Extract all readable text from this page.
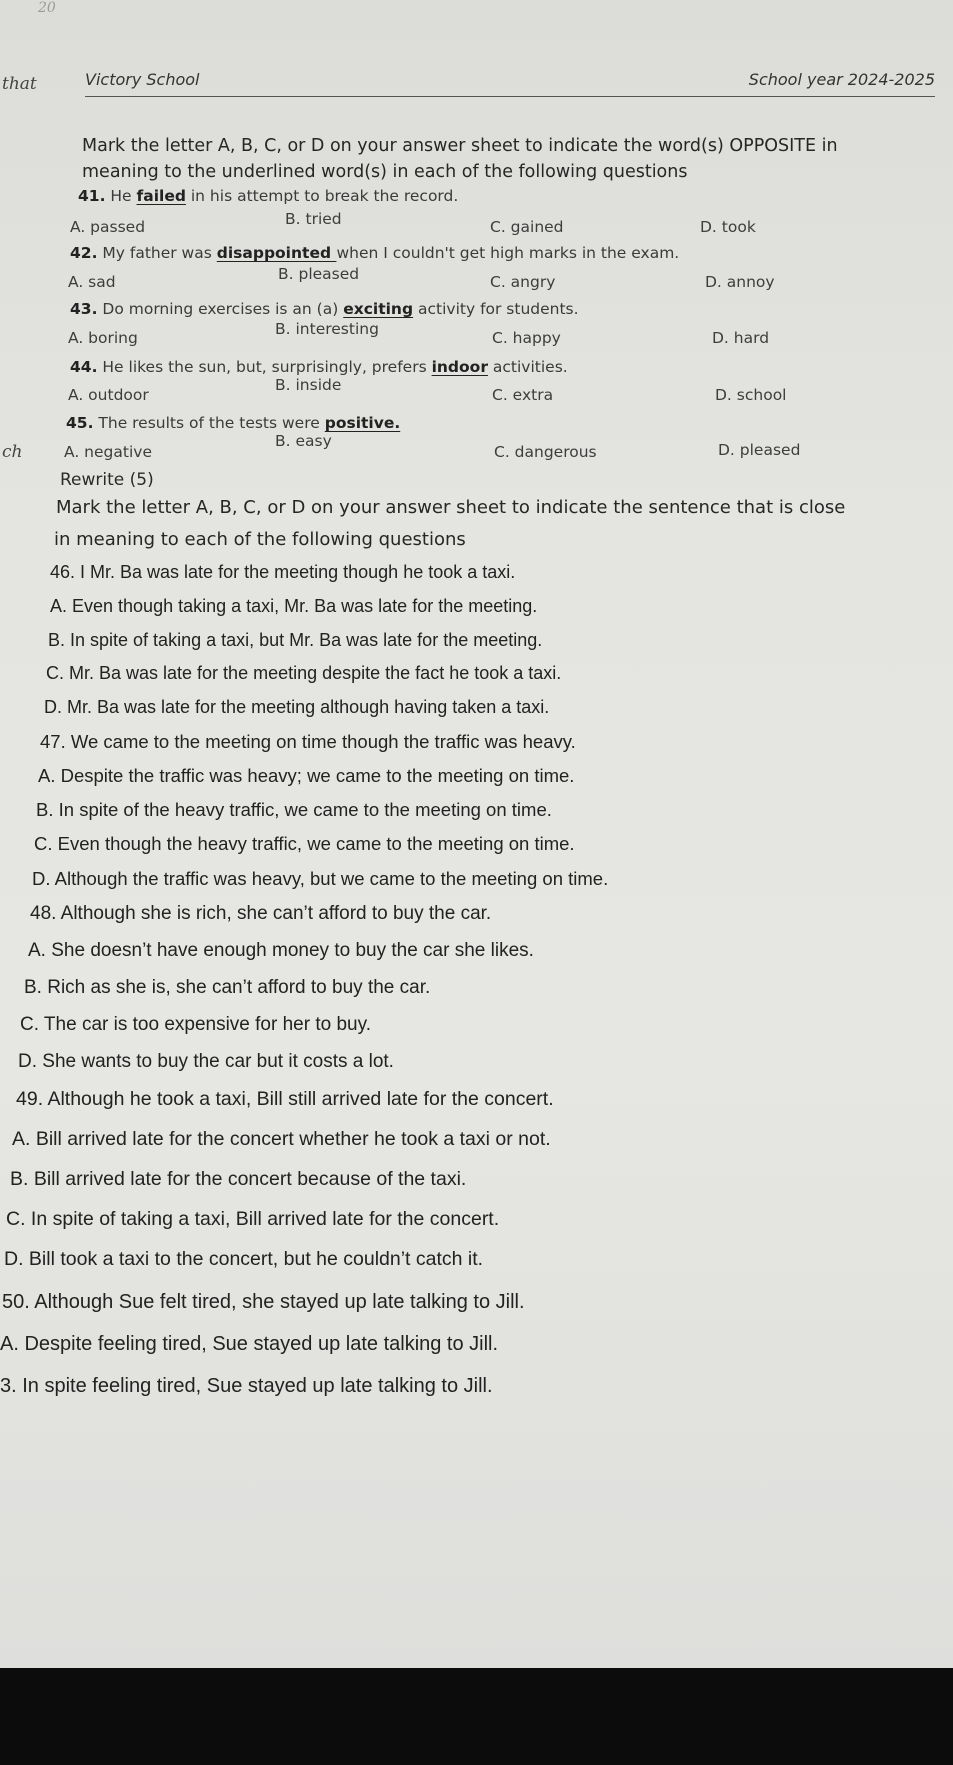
20
that
ch
Victory School	School year 2024-2025
Mark the letter A, B, C, or D on your answer sheet to indicate the word(s) OPPOSITE in meaning to the underlined word(s) in each of the following questions
41. He failed in his attempt to break the record.
A. passed	B. tried	C. gained	D. took
42. My father was disappointed when I couldn't get high marks in the exam.
A. sad	B. pleased	C. angry	D. annoy
43. Do morning exercises is an (a) exciting activity for students.
A. boring	B. interesting	C. happy	D. hard
44. He likes the sun, but, surprisingly, prefers indoor activities.
A. outdoor
B. inside
C. extra	D. school
45. The results of the tests were positive.
A. negative
B. easy
C. dangerous	D. pleased
Rewrite (5)
Mark the letter A, B, C, or D on your answer sheet to indicate the sentence that is close
in meaning to each of the following questions
46. I Mr. Ba was late for the meeting though he took a taxi.
A. Even though taking a taxi, Mr. Ba was late for the meeting.
B. In spite of taking a taxi, but Mr. Ba was late for the meeting.
C. Mr. Ba was late for the meeting despite the fact he took a taxi.
D. Mr. Ba was late for the meeting although having taken a taxi.
47. We came to the meeting on time though the traffic was heavy.
A. Despite the traffic was heavy; we came to the meeting on time.
B. In spite of the heavy traffic, we came to the meeting on time.
C. Even though the heavy traffic, we came to the meeting on time.
D. Although the traffic was heavy, but we came to the meeting on time.
48. Although she is rich, she can’t afford to buy the car.
A. She doesn’t have enough money to buy the car she likes.
B. Rich as she is, she can’t afford to buy the car.
C. The car is too expensive for her to buy.
D. She wants to buy the car but it costs a lot.
49. Although he took a taxi, Bill still arrived late for the concert.
A. Bill arrived late for the concert whether he took a taxi or not.
B. Bill arrived late for the concert because of the taxi.
C. In spite of taking a taxi, Bill arrived late for the concert.
D. Bill took a taxi to the concert, but he couldn’t catch it.
50. Although Sue felt tired, she stayed up late talking to Jill.
A. Despite feeling tired, Sue stayed up late talking to Jill.
3. In spite feeling tired, Sue stayed up late talking to Jill.
